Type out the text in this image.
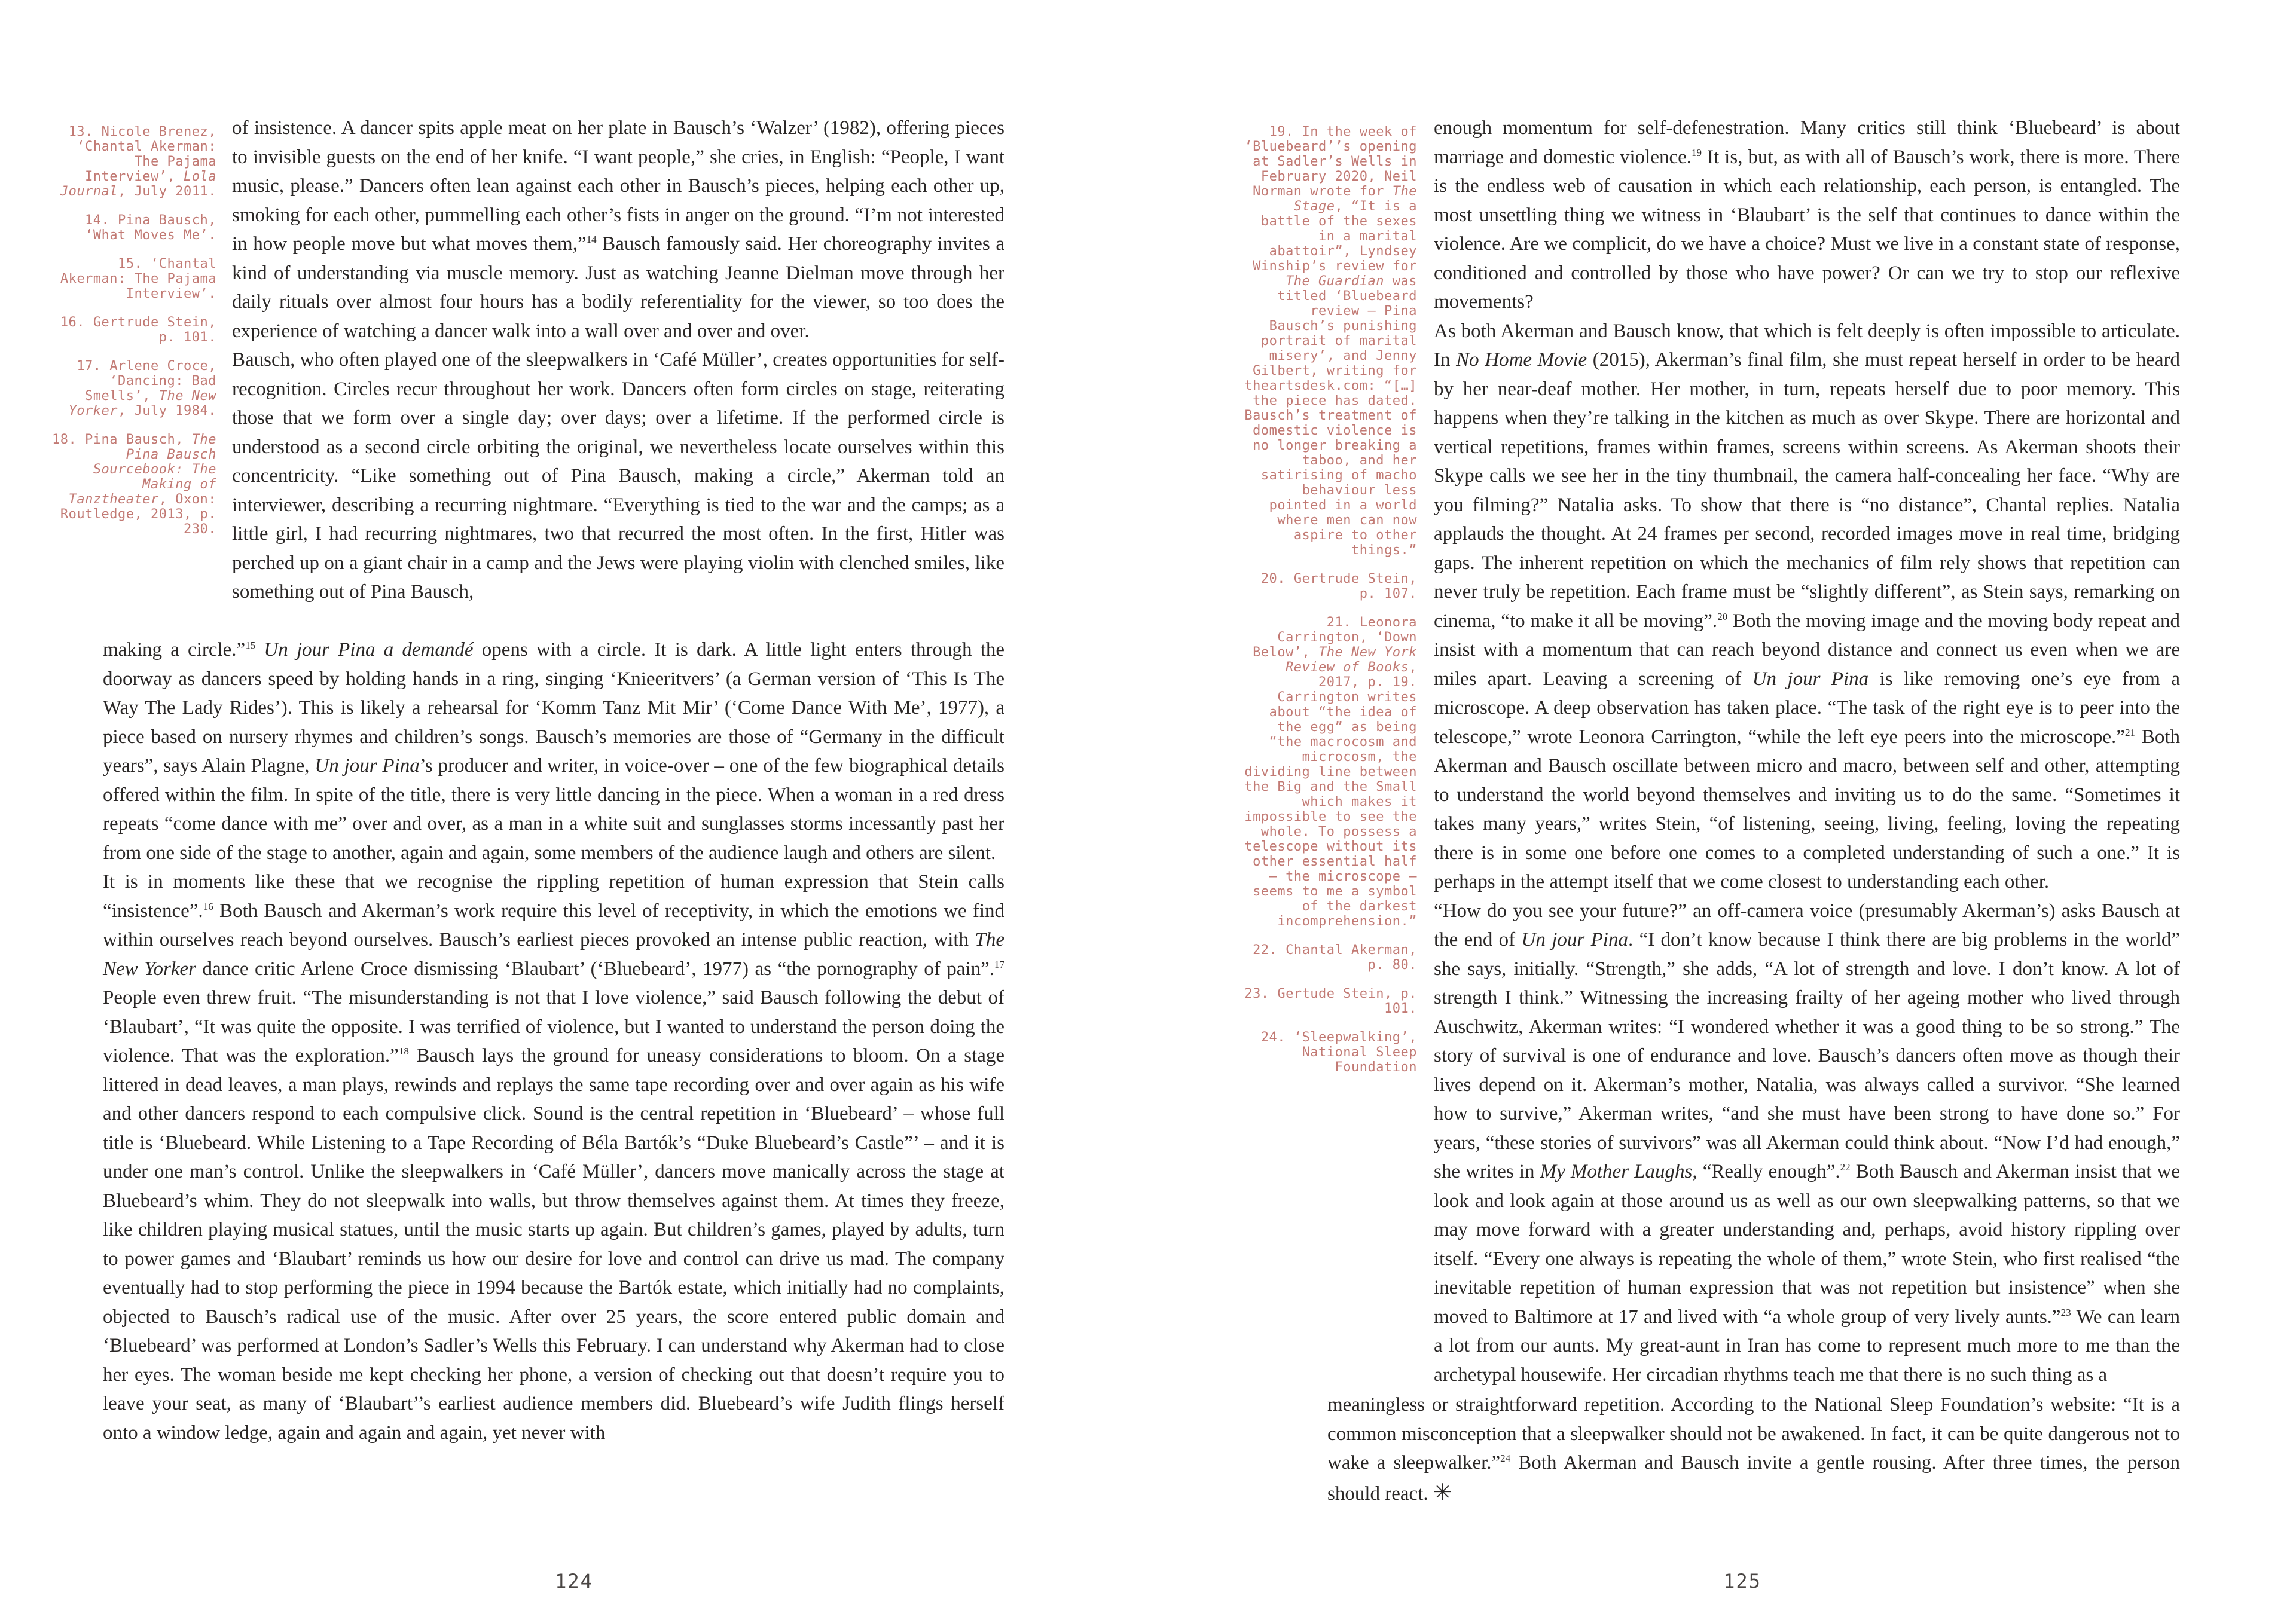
13. Nicole Brenez, ‘Chantal Akerman: The Pajama Interview’, Lola Journal, July 2011.
14. Pina Bausch, ‘What Moves Me’.
15. ‘Chantal Akerman: The Pajama Interview’.
16. Gertrude Stein, p. 101.
17. Arlene Croce, ‘Dancing: Bad Smells’, The New Yorker, July 1984.
18. Pina Bausch, The Pina Bausch Sourcebook: The Making of Tanztheater, Oxon: Routledge, 2013, p. 230.

of insistence. A dancer spits apple meat on her plate in Bausch’s ‘Walzer’ (1982), offering pieces to invisible guests on the end of her knife. “I want people,” she cries, in English: “People, I want music, please.” Dancers often lean against each other in Bausch’s pieces, helping each other up, smoking for each other, pummelling each other’s fists in anger on the ground. “I’m not interested in how people move but what moves them,”$^{14}$ Bausch famously said. Her choreography invites a kind of understanding via muscle memory. Just as watching Jeanne Dielman move through her daily rituals over almost four hours has a bodily referentiality for the viewer, so too does the experience of watching a dancer walk into a wall over and over and over.

Bausch, who often played one of the sleepwalkers in ‘Café Müller’, creates opportunities for self-recognition. Circles recur throughout her work. Dancers often form circles on stage, reiterating those that we form over a single day; over days; over a lifetime. If the performed circle is understood as a second circle orbiting the original, we nevertheless locate ourselves within this concentricity. “Like something out of Pina Bausch, making a circle,” Akerman told an interviewer, describing a recurring nightmare. “Everything is tied to the war and the camps; as a little girl, I had recurring nightmares, two that recurred the most often. In the first, Hitler was perched up on a giant chair in a camp and the Jews were playing violin with clenched smiles, like something out of Pina Bausch,

making a circle.”$^{15}$ Un jour Pina a demandé opens with a circle. It is dark. A little light enters through the doorway as dancers speed by holding hands in a ring, singing ‘Knieeritvers’ (a German version of ‘This Is The Way The Lady Rides’). This is likely a rehearsal for ‘Komm Tanz Mit Mir’ (‘Come Dance With Me’, 1977), a piece based on nursery rhymes and children’s songs. Bausch’s memories are those of “Germany in the difficult years”, says Alain Plagne, Un jour Pina’s producer and writer, in voice-over – one of the few biographical details offered within the film. In spite of the title, there is very little dancing in the piece. When a woman in a red dress repeats “come dance with me” over and over, as a man in a white suit and sunglasses storms incessantly past her from one side of the stage to another, again and again, some members of the audience laugh and others are silent.

It is in moments like these that we recognise the rippling repetition of human expression that Stein calls “insistence”.$^{16}$ Both Bausch and Akerman’s work require this level of receptivity, in which the emotions we find within ourselves reach beyond ourselves. Bausch’s earliest pieces provoked an intense public reaction, with The New Yorker dance critic Arlene Croce dismissing ‘Blaubart’ (‘Bluebeard’, 1977) as “the pornography of pain”.$^{17}$ People even threw fruit. “The misunderstanding is not that I love violence,” said Bausch following the debut of ‘Blaubart’, “It was quite the opposite. I was terrified of violence, but I wanted to understand the person doing the violence. That was the exploration.”$^{18}$ Bausch lays the ground for uneasy considerations to bloom. On a stage littered in dead leaves, a man plays, rewinds and replays the same tape recording over and over again as his wife and other dancers respond to each compulsive click. Sound is the central repetition in ‘Bluebeard’ – whose full title is ‘Bluebeard. While Listening to a Tape Recording of Béla Bartók’s “Duke Bluebeard’s Castle”’ – and it is under one man’s control. Unlike the sleepwalkers in ‘Café Müller’, dancers move manically across the stage at Bluebeard’s whim. They do not sleepwalk into walls, but throw themselves against them. At times they freeze, like children playing musical statues, until the music starts up again. But children’s games, played by adults, turn to power games and ‘Blaubart’ reminds us how our desire for love and control can drive us mad. The company eventually had to stop performing the piece in 1994 because the Bartók estate, which initially had no complaints, objected to Bausch’s radical use of the music. After over 25 years, the score entered public domain and ‘Bluebeard’ was performed at London’s Sadler’s Wells this February. I can understand why Akerman had to close her eyes. The woman beside me kept checking her phone, a version of checking out that doesn’t require you to leave your seat, as many of ‘Blaubart’’s earliest audience members did. Bluebeard’s wife Judith flings herself onto a window ledge, again and again and again, yet never with

124
19. In the week of ‘Bluebeard’’s opening at Sadler’s Wells in February 2020, Neil Norman wrote for The Stage, “It is a battle of the sexes in a marital abattoir”, Lyndsey Winship’s review for The Guardian was titled ‘Bluebeard review – Pina Bausch’s punishing portrait of marital misery’, and Jenny Gilbert, writing for theartsdesk.com: “[…] the piece has dated. Bausch’s treatment of domestic violence is no longer breaking a taboo, and her satirising of macho behaviour less pointed in a world where men can now aspire to other things.”
20. Gertrude Stein, p. 107.
21. Leonora Carrington, ‘Down Below’, The New York Review of Books, 2017, p. 19. Carrington writes about “the idea of the egg” as being “the macrocosm and microcosm, the dividing line between the Big and the Small which makes it impossible to see the whole. To possess a telescope without its other essential half – the microscope – seems to me a symbol of the darkest incomprehension.”
22. Chantal Akerman, p. 80.
23. Gertude Stein, p. 101.
24. ‘Sleepwalking’, National Sleep Foundation

enough momentum for self-defenestration. Many critics still think ‘Bluebeard’ is about marriage and domestic violence.$^{19}$ It is, but, as with all of Bausch’s work, there is more. There is the endless web of causation in which each relationship, each person, is entangled. The most unsettling thing we witness in ‘Blaubart’ is the self that continues to dance within the violence. Are we complicit, do we have a choice? Must we live in a constant state of response, conditioned and controlled by those who have power? Or can we try to stop our reflexive movements?

As both Akerman and Bausch know, that which is felt deeply is often impossible to articulate. In No Home Movie (2015), Akerman’s final film, she must repeat herself in order to be heard by her near-deaf mother. Her mother, in turn, repeats herself due to poor memory. This happens when they’re talking in the kitchen as much as over Skype. There are horizontal and vertical repetitions, frames within frames, screens within screens. As Akerman shoots their Skype calls we see her in the tiny thumbnail, the camera half-concealing her face. “Why are you filming?” Natalia asks. To show that there is “no distance”, Chantal replies. Natalia applauds the thought. At 24 frames per second, recorded images move in real time, bridging gaps. The inherent repetition on which the mechanics of film rely shows that repetition can never truly be repetition. Each frame must be “slightly different”, as Stein says, remarking on cinema, “to make it all be moving”.$^{20}$ Both the moving image and the moving body repeat and insist with a momentum that can reach beyond distance and connect us even when we are miles apart. Leaving a screening of Un jour Pina is like removing one’s eye from a microscope. A deep observation has taken place. “The task of the right eye is to peer into the telescope,” wrote Leonora Carrington, “while the left eye peers into the microscope.”$^{21}$ Both Akerman and Bausch oscillate between micro and macro, between self and other, attempting to understand the world beyond themselves and inviting us to do the same. “Sometimes it takes many years,” writes Stein, “of listening, seeing, living, feeling, loving the repeating there is in some one before one comes to a completed understanding of such a one.” It is perhaps in the attempt itself that we come closest to understanding each other.

“How do you see your future?” an off-camera voice (presumably Akerman’s) asks Bausch at the end of Un jour Pina. “I don’t know because I think there are big problems in the world” she says, initially. “Strength,” she adds, “A lot of strength and love. I don’t know. A lot of strength I think.” Witnessing the increasing frailty of her ageing mother who lived through Auschwitz, Akerman writes: “I wondered whether it was a good thing to be so strong.” The story of survival is one of endurance and love. Bausch’s dancers often move as though their lives depend on it. Akerman’s mother, Natalia, was always called a survivor. “She learned how to survive,” Akerman writes, “and she must have been strong to have done so.” For years, “these stories of survivors” was all Akerman could think about. “Now I’d had enough,” she writes in My Mother Laughs, “Really enough”.$^{22}$ Both Bausch and Akerman insist that we look and look again at those around us as well as our own sleepwalking patterns, so that we may move forward with a greater understanding and, perhaps, avoid history rippling over itself. “Every one always is repeating the whole of them,” wrote Stein, who first realised “the inevitable repetition of human expression that was not repetition but insistence” when she moved to Baltimore at 17 and lived with “a whole group of very lively aunts.”$^{23}$ We can learn a lot from our aunts. My great-aunt in Iran has come to represent much more to me than the archetypal housewife. Her circadian rhythms teach me that there is no such thing as a

meaningless or straightforward repetition. According to the National Sleep Foundation’s website: “It is a common misconception that a sleepwalker should not be awakened. In fact, it can be quite dangerous not to wake a sleepwalker.”$^{24}$ Both Akerman and Bausch invite a gentle rousing. After three times, the person should react. ✳

125
